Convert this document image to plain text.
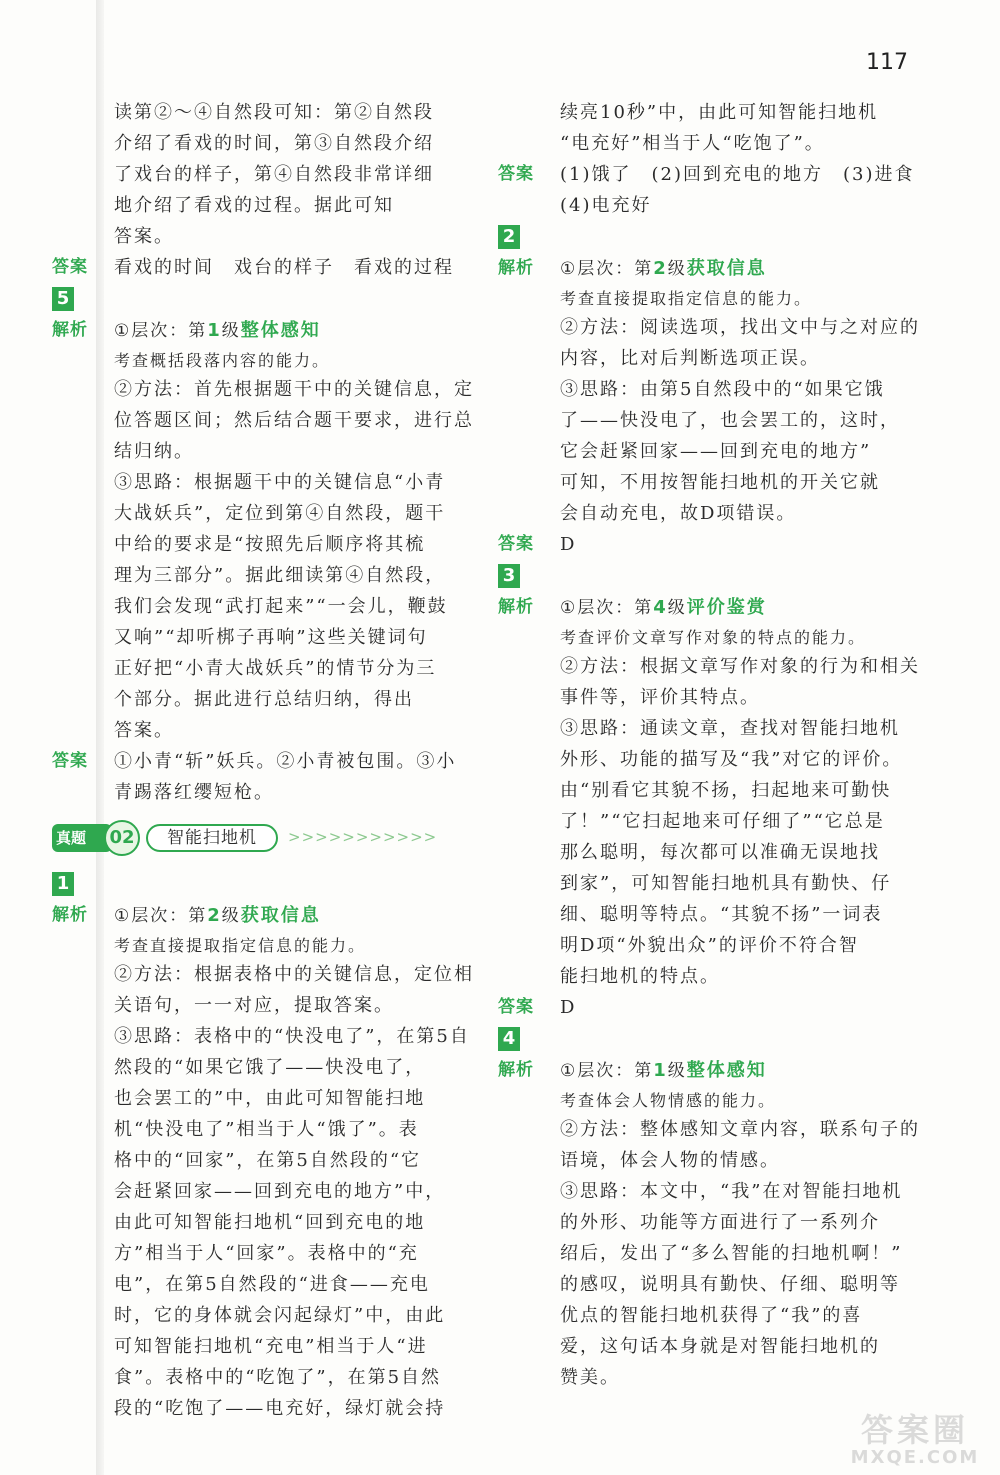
117
读第②～④自然段可知：第②自然段
介绍了看戏的时间，第③自然段介绍
了戏台的样子，第④自然段非常详细
地介绍了看戏的过程。据此可知
答案。
答案 看戏的时间　戏台的样子　看戏的过程
5
解析 ①层次：第1级整体感知
考查概括段落内容的能力。
②方法：首先根据题干中的关键信息，定
位答题区间；然后结合题干要求，进行总
结归纳。
③思路：根据题干中的关键信息“小青
大战妖兵”，定位到第④自然段，题干
中给的要求是“按照先后顺序将其梳
理为三部分”。据此细读第④自然段，
我们会发现“武打起来”“一会儿，鞭鼓
又响”“却听梆子再响”这些关键词句
正好把“小青大战妖兵”的情节分为三
个部分。据此进行总结归纳，得出
答案。
答案 ①小青“斩”妖兵。②小青被包围。③小
青踢落红缨短枪。
真题	02	智能扫地机	>>>>>>>>>>>
1
解析 ①层次：第2级获取信息
考查直接提取指定信息的能力。
②方法：根据表格中的关键信息，定位相
关语句，一一对应，提取答案。
③思路：表格中的“快没电了”，在第5自
然段的“如果它饿了——快没电了，
也会罢工的”中，由此可知智能扫地
机“快没电了”相当于人“饿了”。表
格中的“回家”，在第5自然段的“它
会赶紧回家——回到充电的地方”中，
由此可知智能扫地机“回到充电的地
方”相当于人“回家”。表格中的“充
电”，在第5自然段的“进食——充电
时，它的身体就会闪起绿灯”中，由此
可知智能扫地机“充电”相当于人“进
食”。表格中的“吃饱了”，在第5自然
段的“吃饱了——电充好，绿灯就会持
续亮10秒”中，由此可知智能扫地机
“电充好”相当于人“吃饱了”。
答案 (1)饿了　(2)回到充电的地方　(3)进食
(4)电充好
2
解析 ①层次：第2级获取信息
考查直接提取指定信息的能力。
②方法：阅读选项，找出文中与之对应的
内容，比对后判断选项正误。
③思路：由第5自然段中的“如果它饿
了——快没电了，也会罢工的，这时，
它会赶紧回家——回到充电的地方”
可知，不用按智能扫地机的开关它就
会自动充电，故D项错误。
答案 D
3
解析 ①层次：第4级评价鉴赏
考查评价文章写作对象的特点的能力。
②方法：根据文章写作对象的行为和相关
事件等，评价其特点。
③思路：通读文章，查找对智能扫地机
外形、功能的描写及“我”对它的评价。
由“别看它其貌不扬，扫起地来可勤快
了！”“它扫起地来可仔细了”“它总是
那么聪明，每次都可以准确无误地找
到家”，可知智能扫地机具有勤快、仔
细、聪明等特点。“其貌不扬”一词表
明D项“外貌出众”的评价不符合智
能扫地机的特点。
答案 D
4
解析 ①层次：第1级整体感知
考查体会人物情感的能力。
②方法：整体感知文章内容，联系句子的
语境，体会人物的情感。
③思路：本文中，“我”在对智能扫地机
的外形、功能等方面进行了一系列介
绍后，发出了“多么智能的扫地机啊！”
的感叹，说明具有勤快、仔细、聪明等
优点的智能扫地机获得了“我”的喜
爱，这句话本身就是对智能扫地机的
赞美。
答案圈
MXQE.COM
